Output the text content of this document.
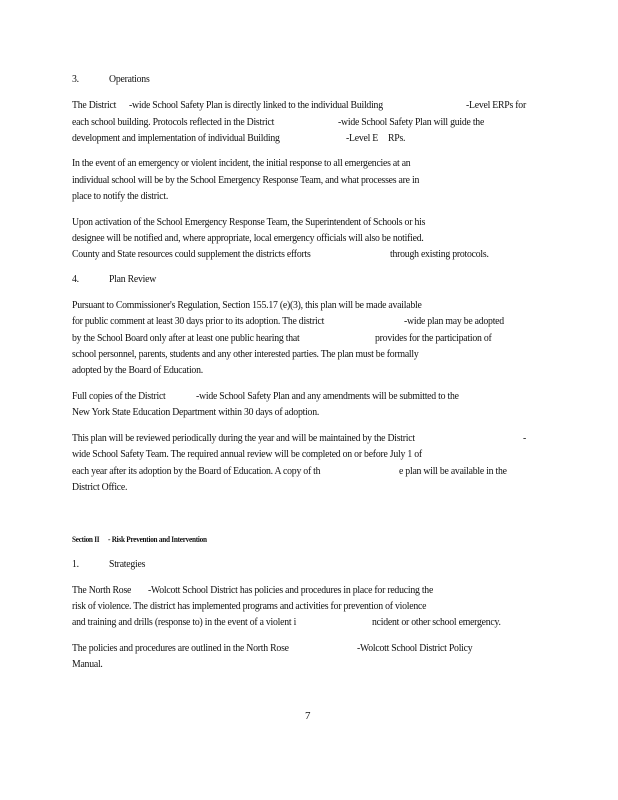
3.	Operations
The District -wide School Safety Plan is directly linked to the individual Building	-Level ERPs for
each school building. Protocols reflected in the District	-wide School Safety Plan will guide the
development and implementation of individual Building	-Level E RPs.
In the event of an emergency or violent incident, the initial response to all emergencies at an
individual school will be by the School Emergency Response Team, and what processes are in
place to notify the district.
Upon activation of the School Emergency Response Team, the Superintendent of Schools or his
designee will be notified and, where appropriate, local emergency officials will also be notified.
County and State resources could supplement the districts efforts	through existing protocols.
4.	Plan Review
Pursuant to Commissioner's Regulation, Section 155.17 (e)(3), this plan will be made available
for public comment at least 30 days prior to its adoption. The district	-wide plan may be adopted
by the School Board only after at least one public hearing that	provides for the participation of
school personnel, parents, students and any other interested parties. The plan must be formally
adopted by the Board of Education.
Full copies of the District	-wide School Safety Plan and any amendments will be submitted to the
New York State Education Department within 30 days of adoption.
This plan will be reviewed periodically during the year and will be maintained by the District	-
wide School Safety Team. The required annual review will be completed on or before July 1 of
each year after its adoption by the Board of Education. A copy of th	e plan will be available in the
District Office.
Section II - Risk Prevention and Intervention
1.	Strategies
The North Rose -Wolcott School District has policies and procedures in place for reducing the
risk of violence. The district has implemented programs and activities for prevention of violence
and training and drills (response to) in the event of a violent i	ncident or other school emergency.
The policies and procedures are outlined in the North Rose	-Wolcott School District Policy
Manual.
7
